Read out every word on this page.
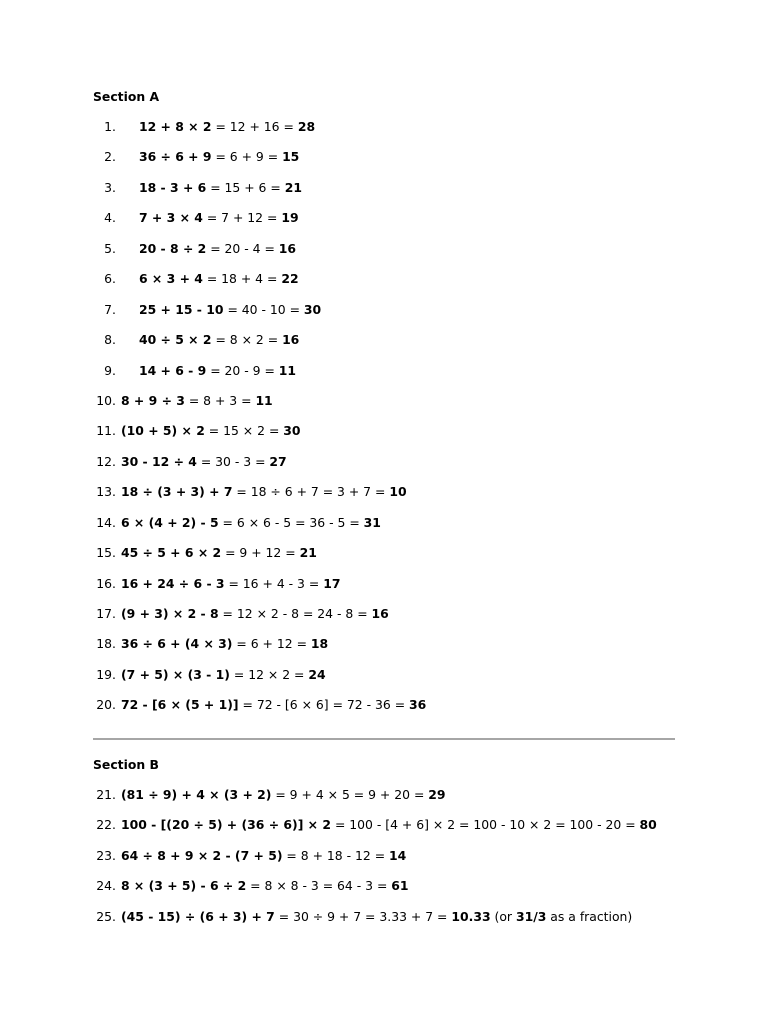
Section A
1. 12 + 8 × 2 = 12 + 16 = 28
2. 36 ÷ 6 + 9 = 6 + 9 = 15
3. 18 - 3 + 6 = 15 + 6 = 21
4. 7 + 3 × 4 = 7 + 12 = 19
5. 20 - 8 ÷ 2 = 20 - 4 = 16
6. 6 × 3 + 4 = 18 + 4 = 22
7. 25 + 15 - 10 = 40 - 10 = 30
8. 40 ÷ 5 × 2 = 8 × 2 = 16
9. 14 + 6 - 9 = 20 - 9 = 11
10. 8 + 9 ÷ 3 = 8 + 3 = 11
11. (10 + 5) × 2 = 15 × 2 = 30
12. 30 - 12 ÷ 4 = 30 - 3 = 27
13. 18 ÷ (3 + 3) + 7 = 18 ÷ 6 + 7 = 3 + 7 = 10
14. 6 × (4 + 2) - 5 = 6 × 6 - 5 = 36 - 5 = 31
15. 45 ÷ 5 + 6 × 2 = 9 + 12 = 21
16. 16 + 24 ÷ 6 - 3 = 16 + 4 - 3 = 17
17. (9 + 3) × 2 - 8 = 12 × 2 - 8 = 24 - 8 = 16
18. 36 ÷ 6 + (4 × 3) = 6 + 12 = 18
19. (7 + 5) × (3 - 1) = 12 × 2 = 24
20. 72 - [6 × (5 + 1)] = 72 - [6 × 6] = 72 - 36 = 36
Section B
21. (81 ÷ 9) + 4 × (3 + 2) = 9 + 4 × 5 = 9 + 20 = 29
22. 100 - [(20 ÷ 5) + (36 ÷ 6)] × 2 = 100 - [4 + 6] × 2 = 100 - 10 × 2 = 100 - 20 = 80
23. 64 ÷ 8 + 9 × 2 - (7 + 5) = 8 + 18 - 12 = 14
24. 8 × (3 + 5) - 6 ÷ 2 = 8 × 8 - 3 = 64 - 3 = 61
25. (45 - 15) ÷ (6 + 3) + 7 = 30 ÷ 9 + 7 = 3.33 + 7 = 10.33 (or 31/3 as a fraction)
